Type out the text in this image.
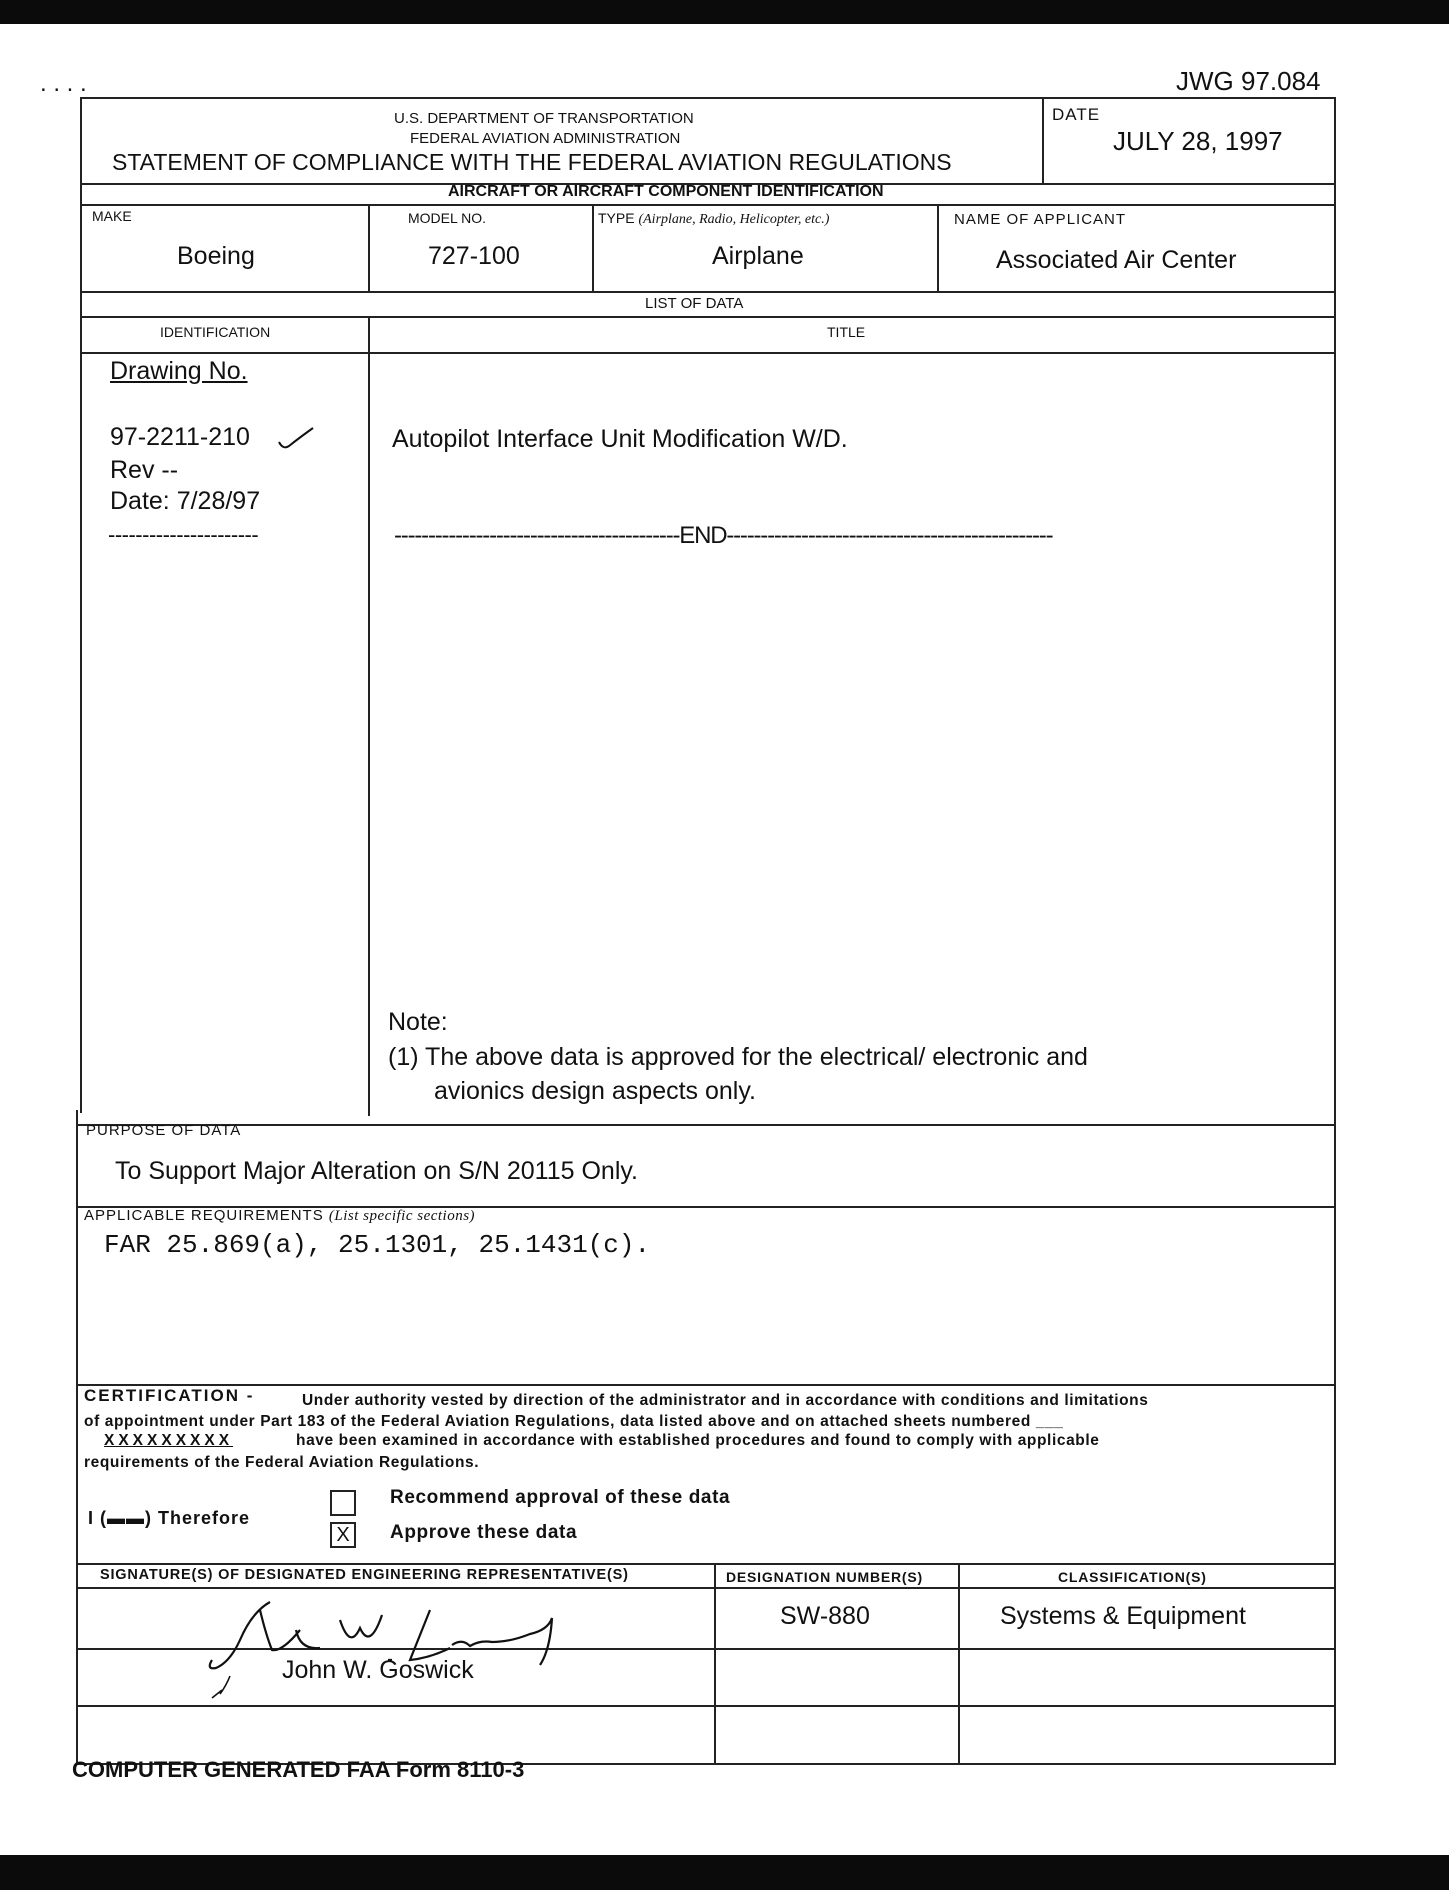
JWG 97.084
. . . .
U.S. DEPARTMENT OF TRANSPORTATION
FEDERAL AVIATION ADMINISTRATION
STATEMENT OF COMPLIANCE WITH THE FEDERAL AVIATION REGULATIONS
DATE
JULY 28, 1997
AIRCRAFT OR AIRCRAFT COMPONENT IDENTIFICATION
MAKE
Boeing
MODEL NO.
727-100
TYPE (Airplane, Radio, Helicopter, etc.)
Airplane
NAME OF APPLICANT
Associated Air Center
LIST OF DATA
IDENTIFICATION	TITLE
Drawing No.
97-2211-210
Rev --
Date: 7/28/97
----------------------
Autopilot Interface Unit Modification W/D.
------------------------------------------END------------------------------------------------
Note:
(1) The above data is approved for the electrical/ electronic and
avionics design aspects only.
PURPOSE OF DATA
To Support Major Alteration on S/N 20115 Only.
APPLICABLE REQUIREMENTS (List specific sections)
FAR 25.869(a), 25.1301, 25.1431(c).
CERTIFICATION -	Under authority vested by direction of the administrator and in accordance with conditions and limitations
of appointment under Part 183 of the Federal Aviation Regulations, data listed above and on attached sheets numbered ___
XXXXXXXXX	have been examined in accordance with established procedures and found to comply with applicable
requirements of the Federal Aviation Regulations.
I (▬▬) Therefore
Recommend approval of these data
X	Approve these data
SIGNATURE(S) OF DESIGNATED ENGINEERING REPRESENTATIVE(S)	DESIGNATION NUMBER(S)	CLASSIFICATION(S)
John W. Goswick
SW-880	Systems & Equipment
COMPUTER GENERATED FAA Form 8110-3
